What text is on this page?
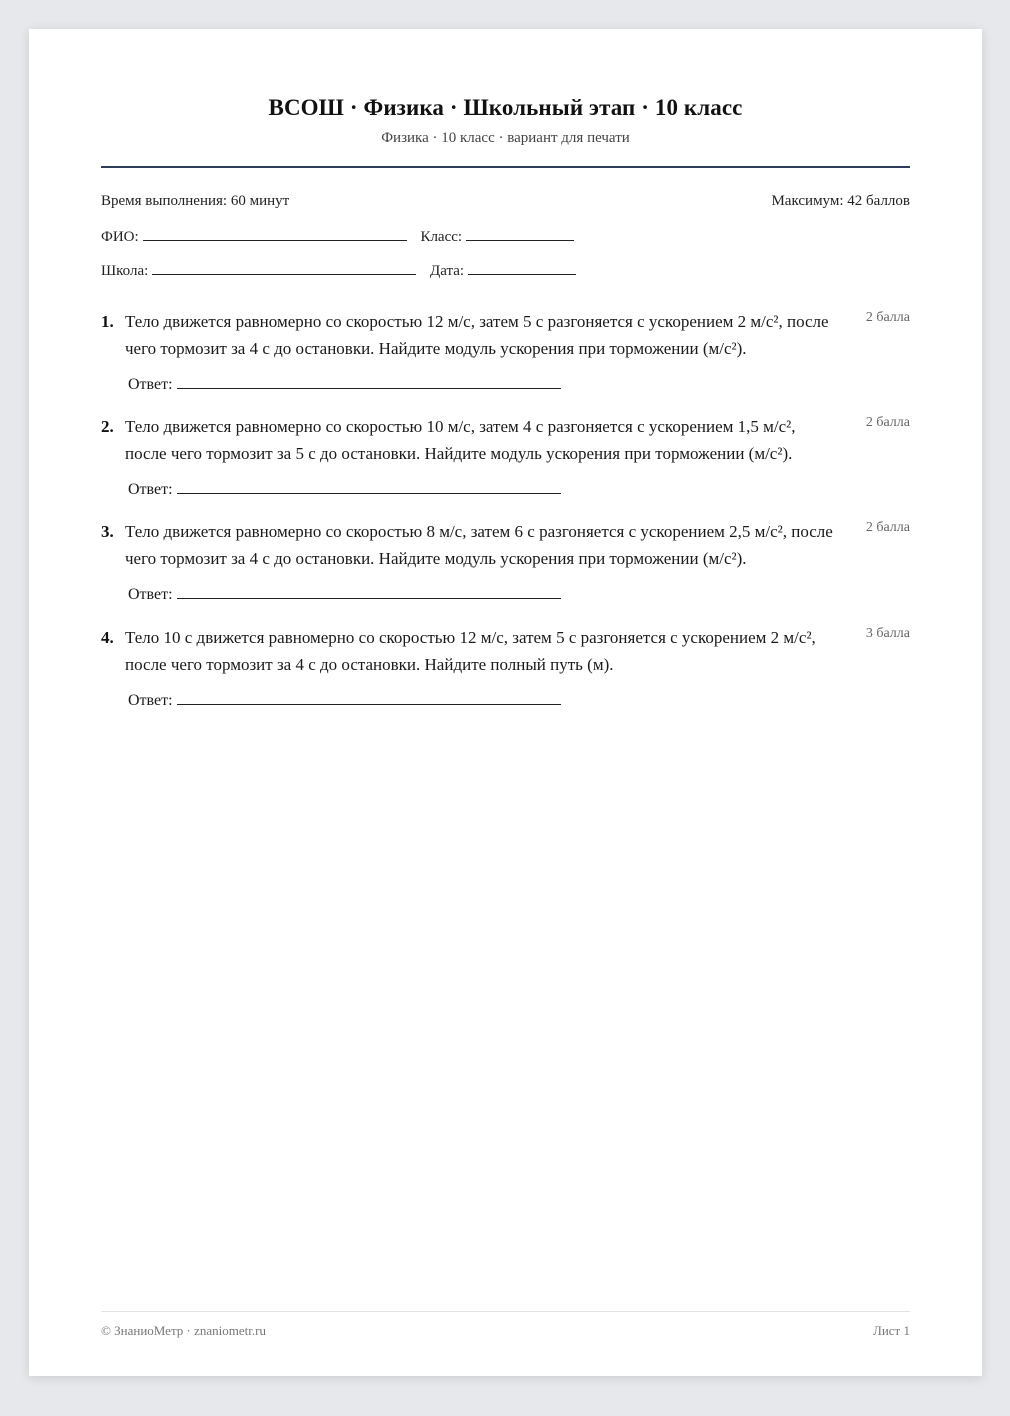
ВСОШ · Физика · Школьный этап · 10 класс
Физика · 10 класс · вариант для печати
Время выполнения: 60 минут	Максимум: 42 баллов
ФИО:	Класс:
Школа:	Дата:
1. Тело движется равномерно со скоростью 12 м/с, затем 5 с разгоняется с ускорением 2 м/с², после чего тормозит за 4 с до остановки. Найдите модуль ускорения при торможении (м/с²).
2 балла
Ответ:
2. Тело движется равномерно со скоростью 10 м/с, затем 4 с разгоняется с ускорением 1,5 м/с², после чего тормозит за 5 с до остановки. Найдите модуль ускорения при торможении (м/с²).
2 балла
Ответ:
3. Тело движется равномерно со скоростью 8 м/с, затем 6 с разгоняется с ускорением 2,5 м/с², после чего тормозит за 4 с до остановки. Найдите модуль ускорения при торможении (м/с²).
2 балла
Ответ:
4. Тело 10 с движется равномерно со скоростью 12 м/с, затем 5 с разгоняется с ускорением 2 м/с², после чего тормозит за 4 с до остановки. Найдите полный путь (м).
3 балла
Ответ:
© ЗнаниоМетр · znaniometr.ru	Лист 1
